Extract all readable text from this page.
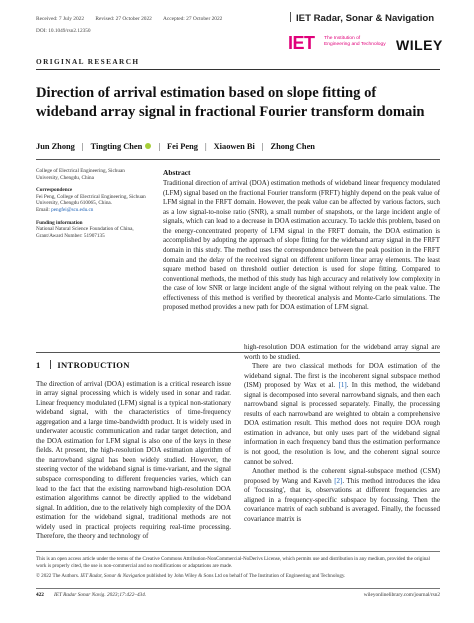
Received: 7 July 2022 Revised: 27 October 2022 Accepted: 27 October 2022
DOI: 10.1049/rsn2.12350
IET Radar, Sonar & Navigation
IET The Institution of
Engineering and Technology WILEY
ORIGINAL RESEARCH
Direction of arrival estimation based on slope fitting of wideband array signal in fractional Fourier transform domain
Jun Zhong | Tingting Chen | Fei Peng | Xiaowen Bi | Zhong Chen
College of Electrical Engineering, Sichuan University, Chengdu, China
Correspondence
Fei Peng, College of Electrical Engineering, Sichuan University, Chengdu 610065, China.
Email: pengfei@scu.edu.cn
Funding information
National Natural Science Foundation of China, Grant/Award Number: 51907135
Abstract
Traditional direction of arrival (DOA) estimation methods of wideband linear frequency modulated (LFM) signal based on the fractional Fourier transform (FRFT) highly depend on the peak value of LFM signal in the FRFT domain. However, the peak value can be affected by various factors, such as a low signal-to-noise ratio (SNR), a small number of snapshots, or the large incident angle of signals, which can lead to a decrease in DOA estimation accuracy. To tackle this problem, based on the energy-concentrated property of LFM signal in the FRFT domain, the DOA estimation is accomplished by adopting the approach of slope fitting for the wideband array signal in the FRFT domain in this study. The method uses the correspondence between the peak position in the FRFT domain and the delay of the received signal on different uniform linear array elements. The least square method based on threshold outlier detection is used for slope fitting. Compared to conventional methods, the method of this study has high accuracy and relatively low complexity in the case of low SNR or large incident angle of the signal without relying on the peak value. The effectiveness of this method is verified by theoretical analysis and Monte-Carlo simulations. The proposed method provides a new path for DOA estimation of LFM signal.
1 INTRODUCTION

The direction of arrival (DOA) estimation is a critical research issue in array signal processing which is widely used in sonar and radar. Linear frequency modulated (LFM) signal is a typical non-stationary wideband signal, with the characteristics of time-frequency aggregation and a large time-bandwidth product. It is widely used in underwater acoustic communication and radar target detection, and the DOA estimation for LFM signal is also one of the keys in these fields. At present, the high-resolution DOA estimation algorithm of the narrowband signal has been widely studied. However, the steering vector of the wideband signal is time-variant, and the signal subspace corresponding to different frequencies varies, which can lead to the fact that the existing narrowband high-resolution DOA estimation algorithms cannot be directly applied to the wideband signal. In addition, due to the relatively high complexity of the DOA estimation for the wideband signal, traditional methods are not widely used in practical projects requiring real-time processing. Therefore, the theory and technology of

high-resolution DOA estimation for the wideband array signal are worth to be studied.

There are two classical methods for DOA estimation of the wideband signal. The first is the incoherent signal subspace method (ISM) proposed by Wax et al. [1]. In this method, the wideband signal is decomposed into several narrowband signals, and then each narrowband signal is processed separately. Finally, the processing results of each narrowband are weighted to obtain a comprehensive DOA estimation result. This method does not require DOA rough estimation in advance, but only uses part of the wideband signal information in each frequency band thus the estimation performance is not good, the resolution is low, and the coherent signal source cannot be solved.

Another method is the coherent signal-subspace method (CSM) proposed by Wang and Kaveh [2]. This method introduces the idea of 'focussing', that is, observations at different frequencies are aligned in a frequency-specific subspace by focussing. Then the covariance matrix of each subband is averaged. Finally, the focussed covariance matrix is

This is an open access article under the terms of the Creative Commons Attribution-NonCommercial-NoDerivs License, which permits use and distribution in any medium, provided the original work is properly cited, the use is non-commercial and no modifications or adaptations are made.
© 2022 The Authors. IET Radar, Sonar & Navigation published by John Wiley & Sons Ltd on behalf of The Institution of Engineering and Technology.
422 IET Radar Sonar Navig. 2023;17:422–434.	wileyonlinelibrary.com/journal/rsn2
